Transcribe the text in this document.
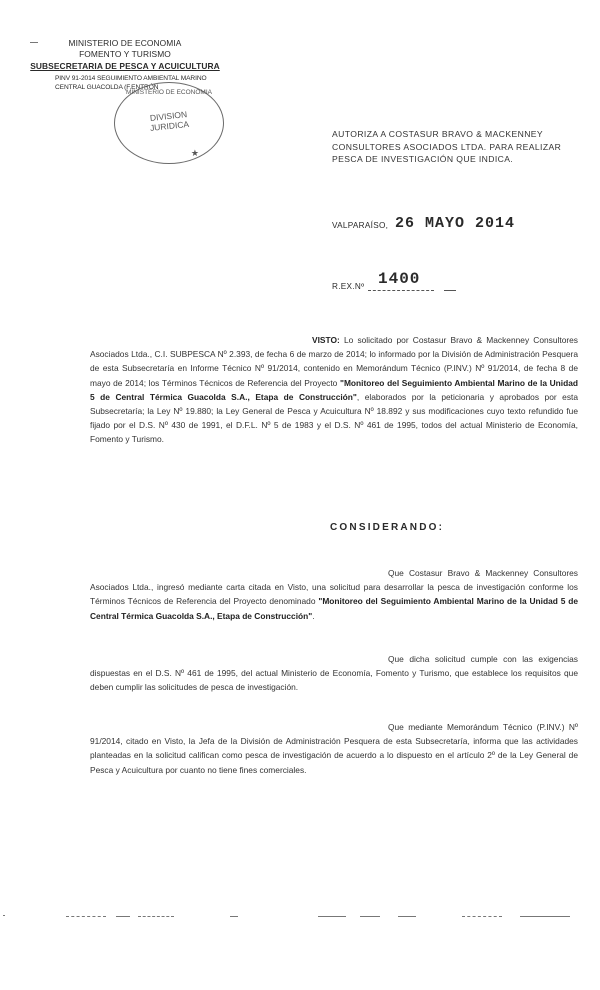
MINISTERIO DE ECONOMIA
FOMENTO Y TURISMO
SUBSECRETARIA DE PESCA Y ACUICULTURA
PINV 91-2014 SEGUIMIENTO AMBIENTAL MARINO
CENTRAL GUACOLDA (F.ENTRÓN
MINISTERIO DE ECONOMIA
DIVISION
JURIDICA
★
AUTORIZA A COSTASUR BRAVO & MACKENNEY CONSULTORES ASOCIADOS LTDA. PARA REALIZAR PESCA DE INVESTIGACIÓN QUE INDICA.
VALPARAÍSO, 26 MAYO 2014
R.EX.Nº 1400
VISTO: Lo solicitado por Costasur Bravo & Mackenney Consultores Asociados Ltda., C.I. SUBPESCA Nº 2.393, de fecha 6 de marzo de 2014; lo informado por la División de Administración Pesquera de esta Subsecretaría en Informe Técnico Nº 91/2014, contenido en Memorándum Técnico (P.INV.) Nº 91/2014, de fecha 8 de mayo de 2014; los Términos Técnicos de Referencia del Proyecto "Monitoreo del Seguimiento Ambiental Marino de la Unidad 5 de Central Térmica Guacolda S.A., Etapa de Construcción", elaborados por la peticionaria y aprobados por esta Subsecretaría; la Ley Nº 19.880; la Ley General de Pesca y Acuicultura Nº 18.892 y sus modificaciones cuyo texto refundido fue fijado por el D.S. Nº 430 de 1991, el D.F.L. Nº 5 de 1983 y el D.S. Nº 461 de 1995, todos del actual Ministerio de Economía, Fomento y Turismo.
CONSIDERANDO:
Que Costasur Bravo & Mackenney Consultores Asociados Ltda., ingresó mediante carta citada en Visto, una solicitud para desarrollar la pesca de investigación conforme los Términos Técnicos de Referencia del Proyecto denominado "Monitoreo del Seguimiento Ambiental Marino de la Unidad 5 de Central Térmica Guacolda S.A., Etapa de Construcción".
Que dicha solicitud cumple con las exigencias dispuestas en el D.S. Nº 461 de 1995, del actual Ministerio de Economía, Fomento y Turismo, que establece los requisitos que deben cumplir las solicitudes de pesca de investigación.
Que mediante Memorándum Técnico (P.INV.) Nº 91/2014, citado en Visto, la Jefa de la División de Administración Pesquera de esta Subsecretaría, informa que las actividades planteadas en la solicitud califican como pesca de investigación de acuerdo a lo dispuesto en el artículo 2º de la Ley General de Pesca y Acuicultura por cuanto no tiene fines comerciales.
